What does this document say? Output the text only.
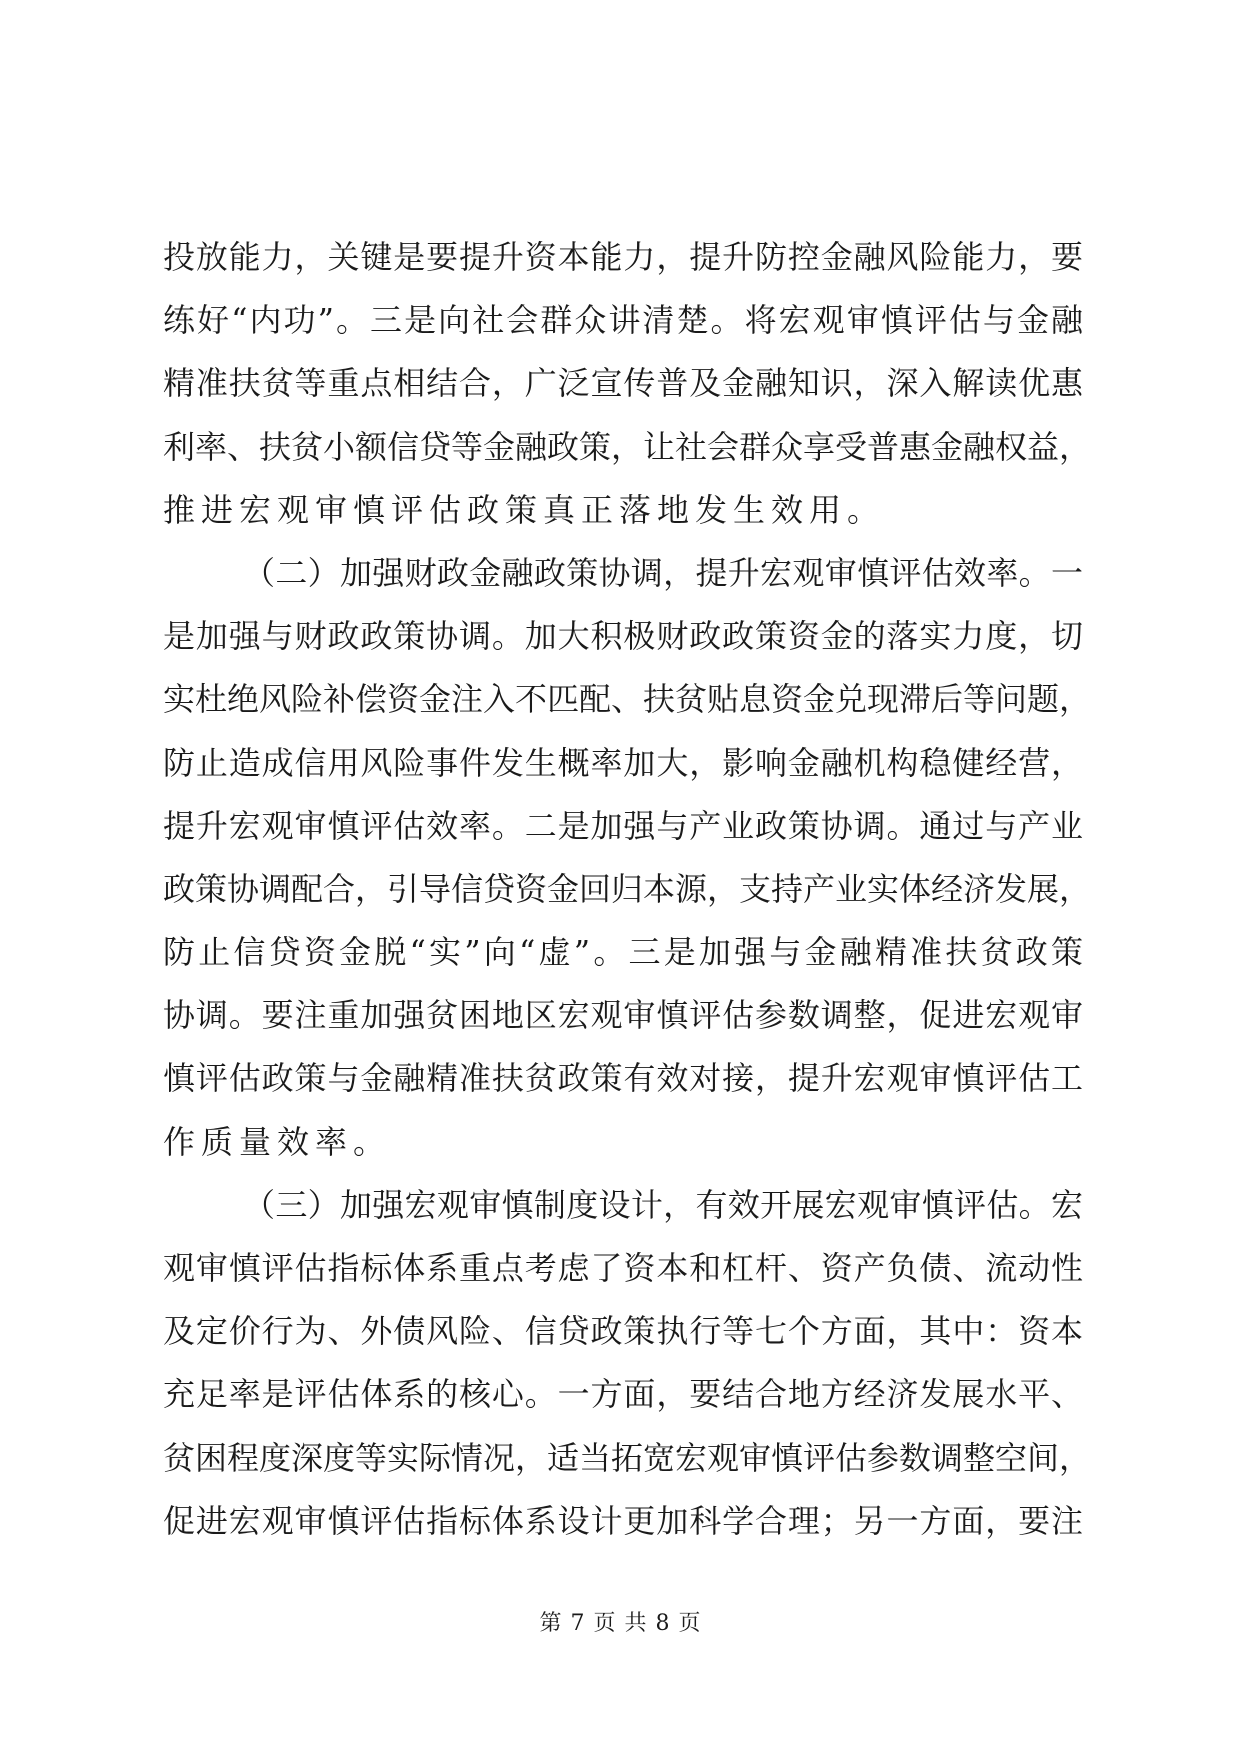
投放能力，关键是要提升资本能力，提升防控金融风险能力，要
练好“内功”。三是向社会群众讲清楚。将宏观审慎评估与金融
精准扶贫等重点相结合，广泛宣传普及金融知识，深入解读优惠
利率、扶贫小额信贷等金融政策，让社会群众享受普惠金融权益，
推进宏观审慎评估政策真正落地发生效用。
（二）加强财政金融政策协调，提升宏观审慎评估效率。一
是加强与财政政策协调。加大积极财政政策资金的落实力度，切
实杜绝风险补偿资金注入不匹配、扶贫贴息资金兑现滞后等问题，
防止造成信用风险事件发生概率加大，影响金融机构稳健经营，
提升宏观审慎评估效率。二是加强与产业政策协调。通过与产业
政策协调配合，引导信贷资金回归本源，支持产业实体经济发展，
防止信贷资金脱“实”向“虚”。三是加强与金融精准扶贫政策
协调。要注重加强贫困地区宏观审慎评估参数调整，促进宏观审
慎评估政策与金融精准扶贫政策有效对接，提升宏观审慎评估工
作质量效率。
（三）加强宏观审慎制度设计，有效开展宏观审慎评估。宏
观审慎评估指标体系重点考虑了资本和杠杆、资产负债、流动性
及定价行为、外债风险、信贷政策执行等七个方面，其中：资本
充足率是评估体系的核心。一方面，要结合地方经济发展水平、
贫困程度深度等实际情况，适当拓宽宏观审慎评估参数调整空间，
促进宏观审慎评估指标体系设计更加科学合理；另一方面，要注
第 7 页 共 8 页
